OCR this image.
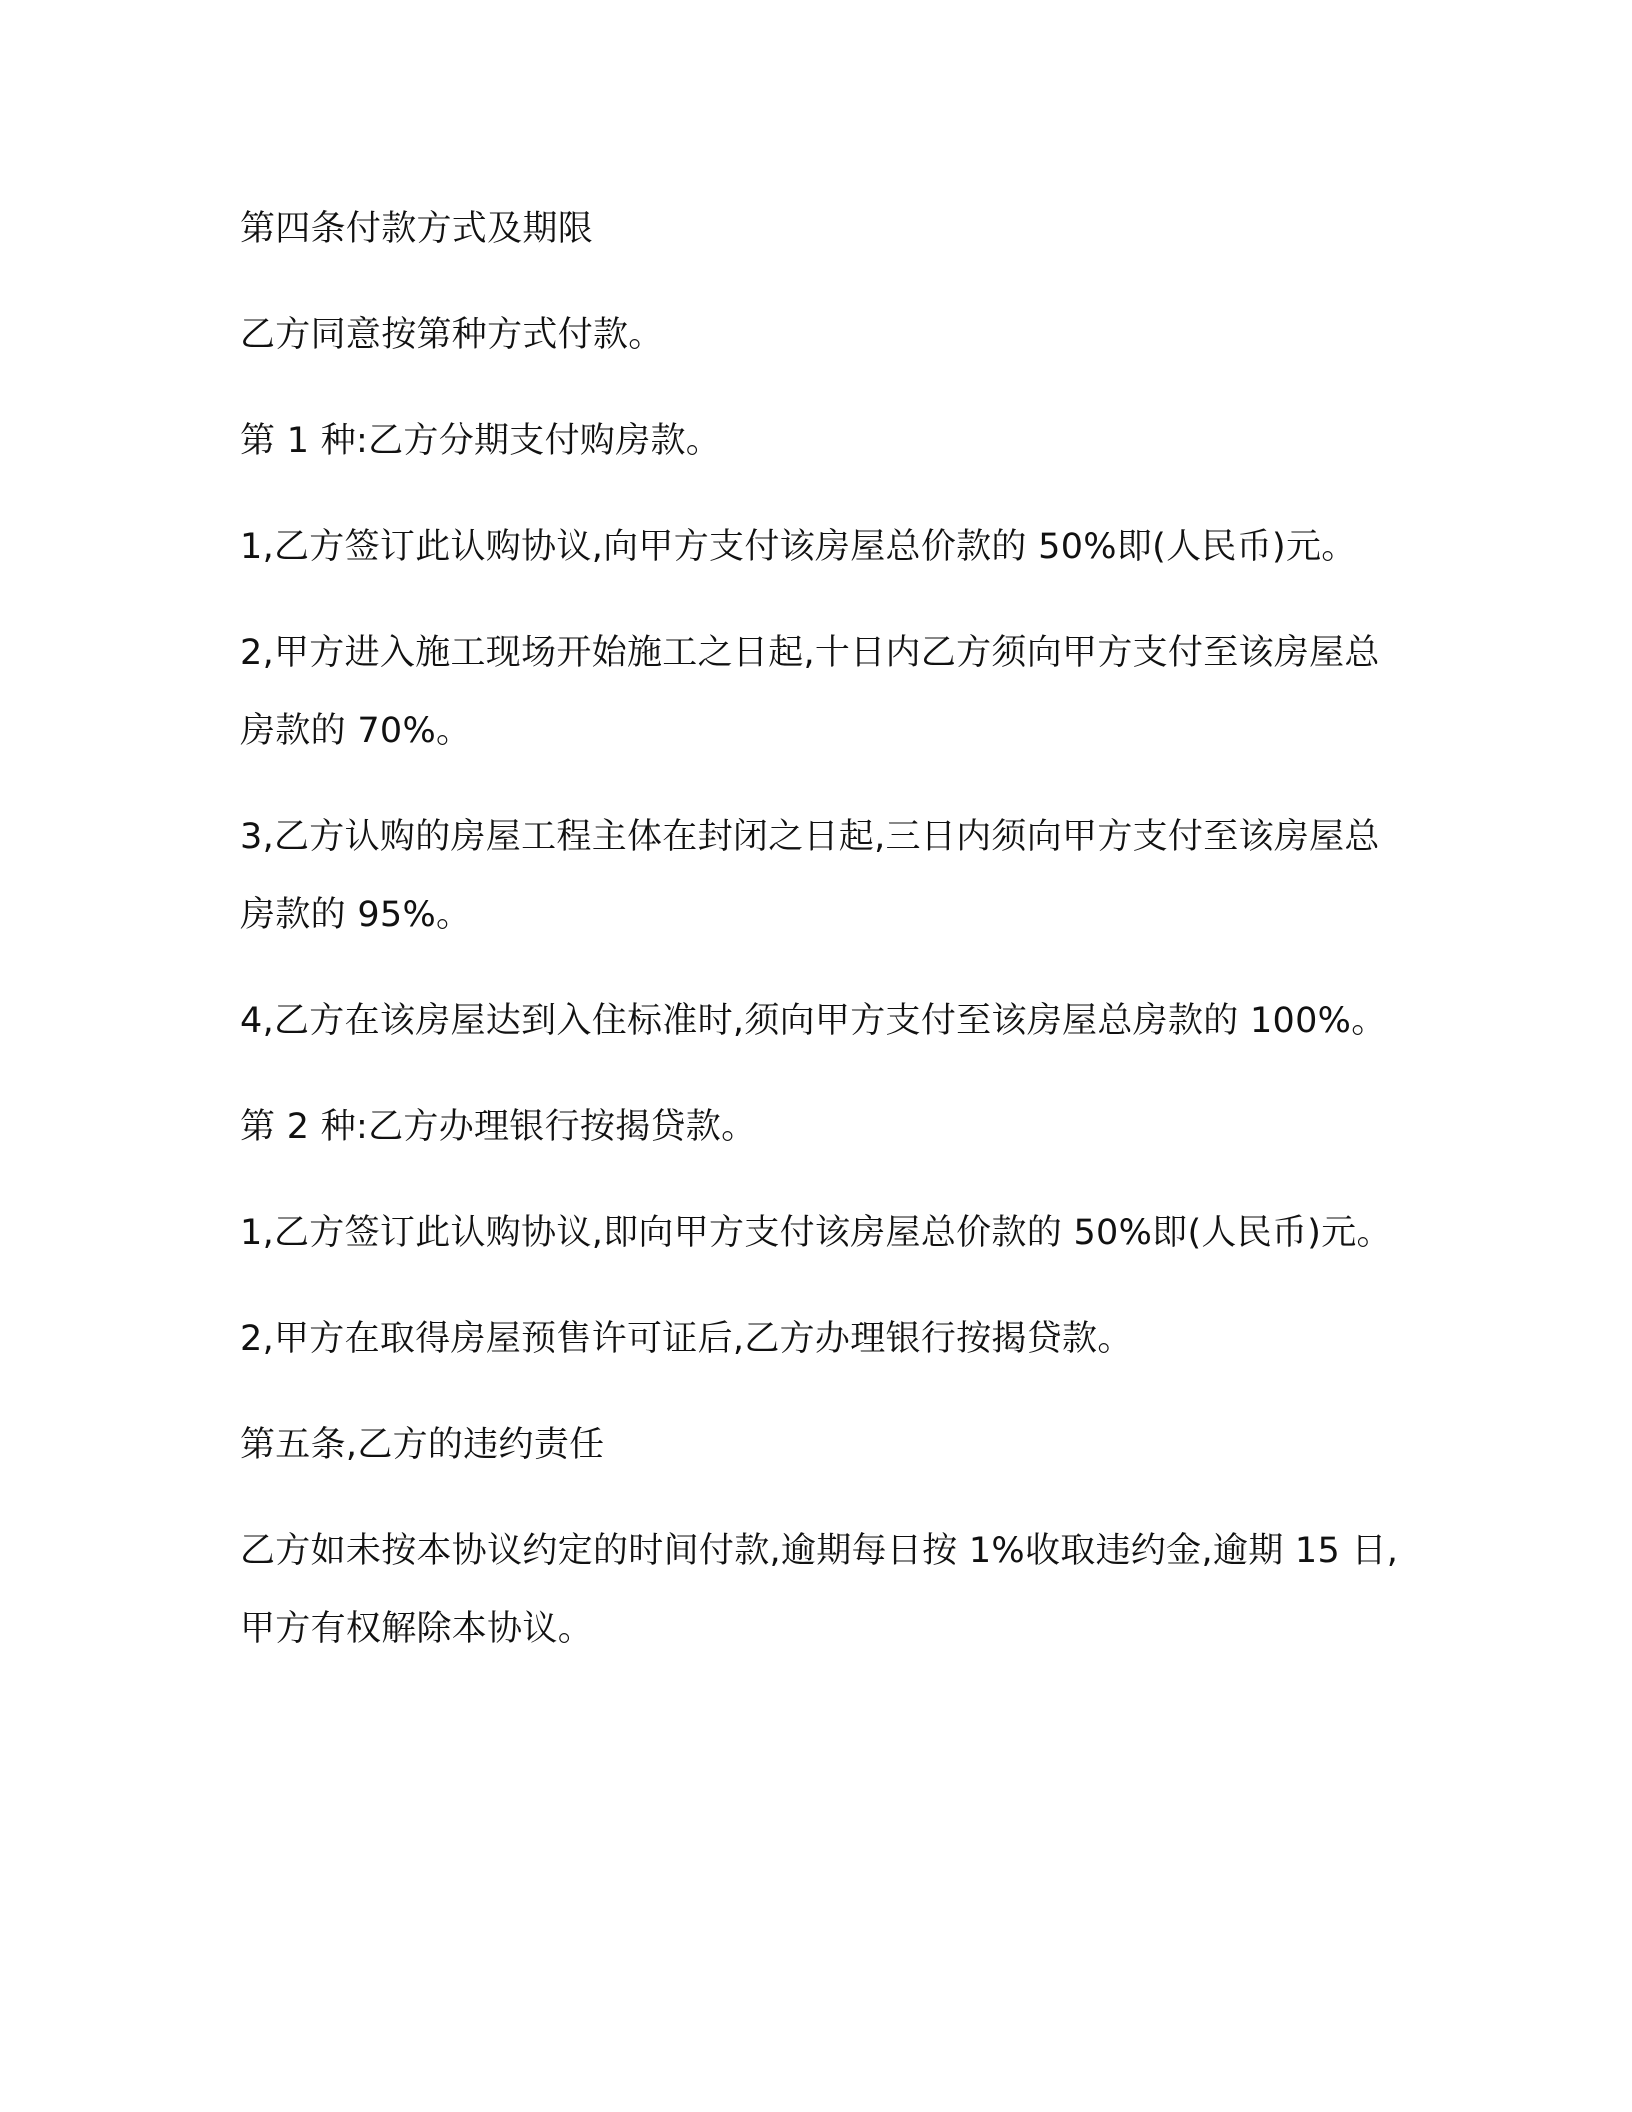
第四条付款方式及期限

乙方同意按第种方式付款。

第 1 种:乙方分期支付购房款。

1,乙方签订此认购协议,向甲方支付该房屋总价款的 50%即(人民币)元。

2,甲方进入施工现场开始施工之日起,十日内乙方须向甲方支付至该房屋总房款的 70%。

3,乙方认购的房屋工程主体在封闭之日起,三日内须向甲方支付至该房屋总房款的 95%。

4,乙方在该房屋达到入住标准时,须向甲方支付至该房屋总房款的 100%。

第 2 种:乙方办理银行按揭贷款。

1,乙方签订此认购协议,即向甲方支付该房屋总价款的 50%即(人民币)元。

2,甲方在取得房屋预售许可证后,乙方办理银行按揭贷款。

第五条,乙方的违约责任

乙方如未按本协议约定的时间付款,逾期每日按 1%收取违约金,逾期 15 日,甲方有权解除本协议。
